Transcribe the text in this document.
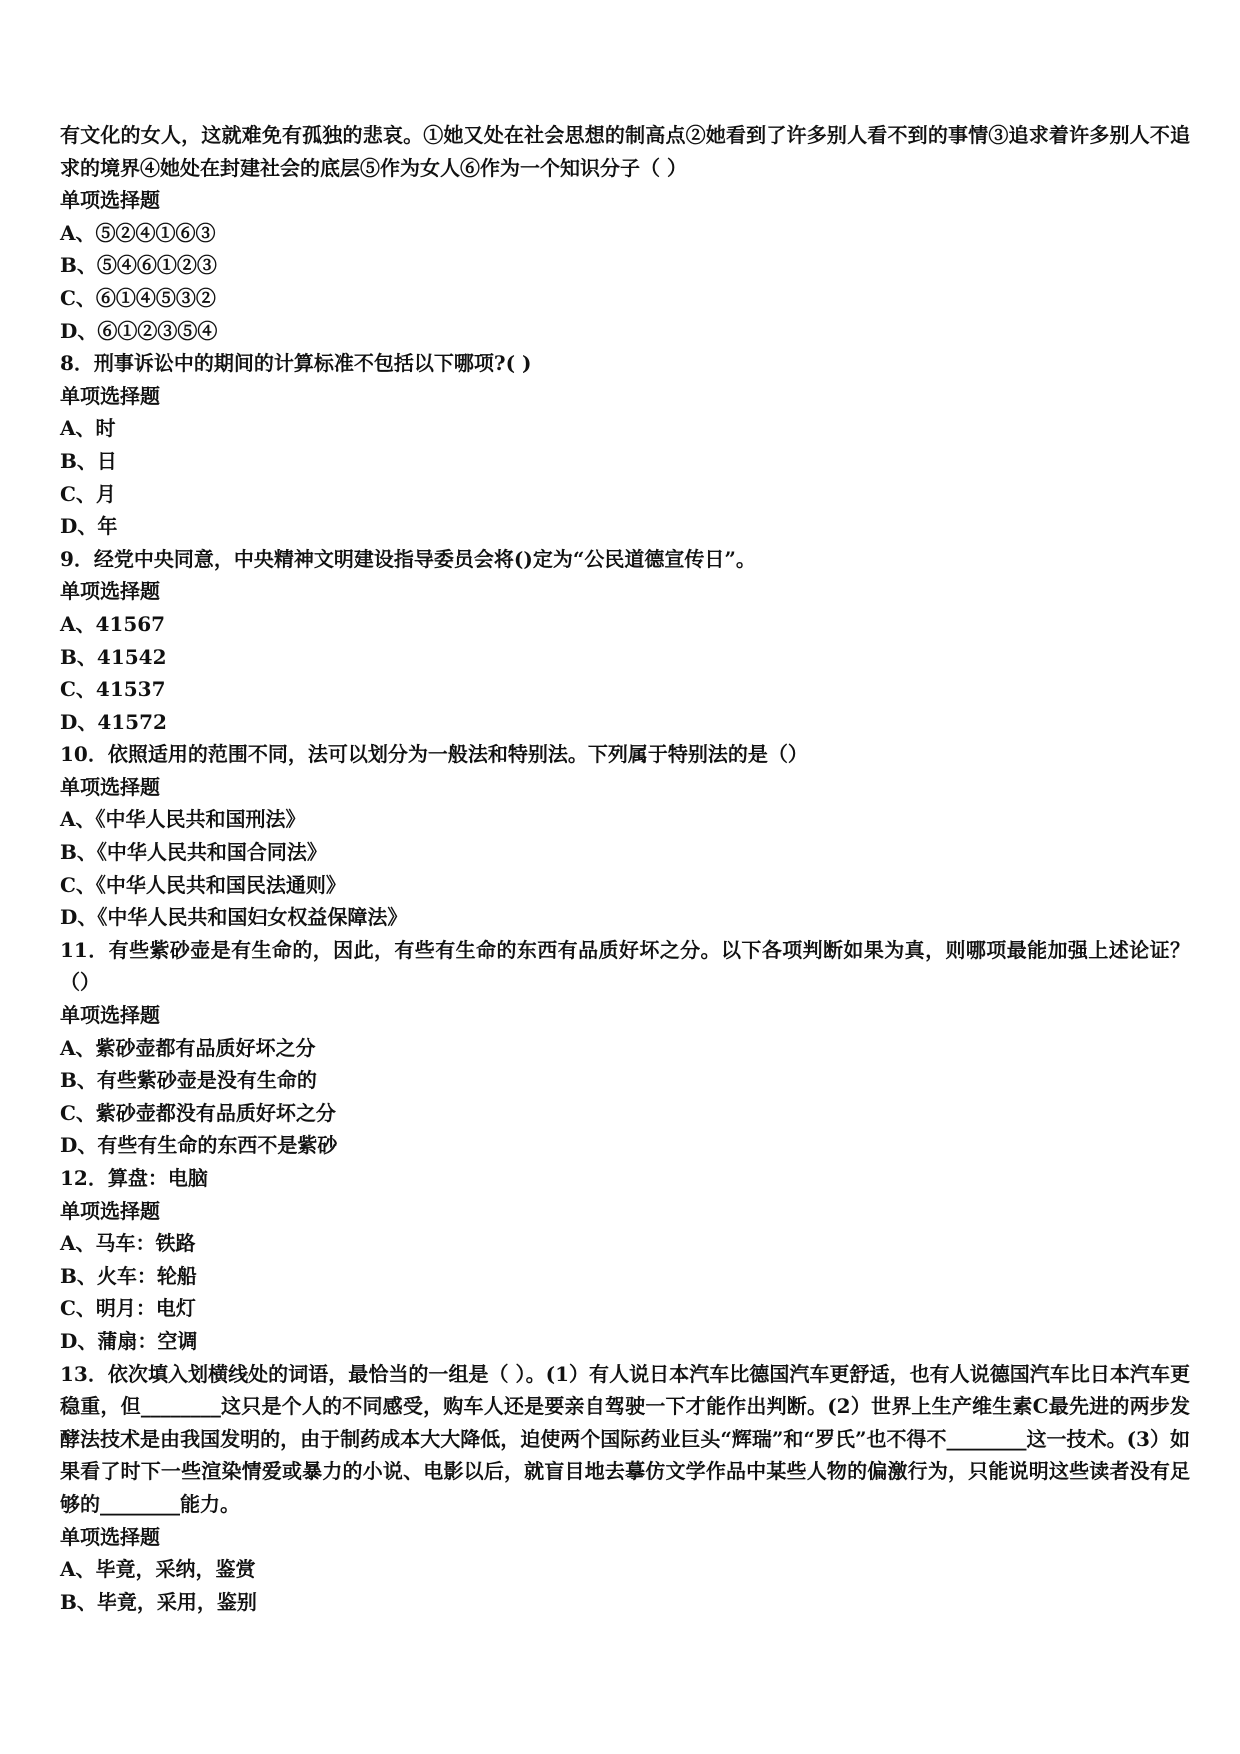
有文化的女人，这就难免有孤独的悲哀。①她又处在社会思想的制高点②她看到了许多别人看不到的事情③追求着许多别人不追求的境界④她处在封建社会的底层⑤作为女人⑥作为一个知识分子（ ）

单项选择题

A、⑤②④①⑥③

B、⑤④⑥①②③

C、⑥①④⑤③②

D、⑥①②③⑤④

8．刑事诉讼中的期间的计算标准不包括以下哪项?( )

单项选择题

A、时

B、日

C、月

D、年

9．经党中央同意，中央精神文明建设指导委员会将()定为“公民道德宣传日”。

单项选择题

A、41567

B、41542

C、41537

D、41572

10．依照适用的范围不同，法可以划分为一般法和特别法。下列属于特别法的是（）

单项选择题

A、《中华人民共和国刑法》

B、《中华人民共和国合同法》

C、《中华人民共和国民法通则》

D、《中华人民共和国妇女权益保障法》

11．有些紫砂壶是有生命的，因此，有些有生命的东西有品质好坏之分。以下各项判断如果为真，则哪项最能加强上述论证？（）

单项选择题

A、紫砂壶都有品质好坏之分

B、有些紫砂壶是没有生命的

C、紫砂壶都没有品质好坏之分

D、有些有生命的东西不是紫砂

12．算盘：电脑

单项选择题

A、马车：铁路

B、火车：轮船

C、明月：电灯

D、蒲扇：空调

13．依次填入划横线处的词语，最恰当的一组是（ ）。(1）有人说日本汽车比德国汽车更舒适，也有人说德国汽车比日本汽车更稳重，但________这只是个人的不同感受，购车人还是要亲自驾驶一下才能作出判断。(2）世界上生产维生素C最先进的两步发酵法技术是由我国发明的，由于制药成本大大降低，迫使两个国际药业巨头“辉瑞”和“罗氏”也不得不________这一技术。(3）如果看了时下一些渲染情爱或暴力的小说、电影以后，就盲目地去摹仿文学作品中某些人物的偏激行为，只能说明这些读者没有足够的________能力。

单项选择题

A、毕竟，采纳，鉴赏

B、毕竟，采用，鉴别
